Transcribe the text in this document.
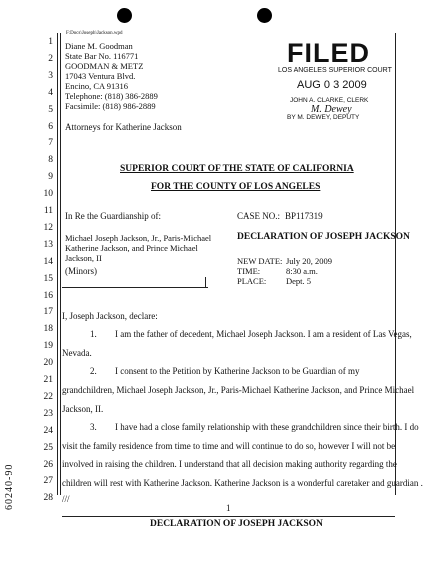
1
2
3
4
5
6
7
8
9
10
11
12
13
14
15
16
17
18
19
20
21
22
23
24
25
26
27
28
F:Docs\Joseph\Jackson.wpd
Diane M. Goodman
State Bar No. 116771
GOODMAN & METZ
17043 Ventura Blvd.
Encino, CA 91316
Telephone: (818) 386-2889
Facsimile: (818) 986-2889
Attorneys for Katherine Jackson
FILED
LOS ANGELES SUPERIOR COURT
AUG 0 3 2009
JOHN A. CLARKE, CLERK
M. Dewey
BY M. DEWEY, DEPUTY
SUPERIOR COURT OF THE STATE OF CALIFORNIA
FOR THE COUNTY OF LOS ANGELES
In Re the Guardianship of:
Michael Joseph Jackson, Jr., Paris-Michael
Katherine Jackson, and Prince Michael
Jackson, II
(Minors)
CASE NO.: BP117319
DECLARATION OF JOSEPH JACKSON
NEW DATE:
TIME:
PLACE:
July 20, 2009
8:30 a.m.
Dept. 5
I, Joseph Jackson, declare:
1. I am the father of decedent, Michael Joseph Jackson. I am a resident of Las Vegas,
Nevada.
2. I consent to the Petition by Katherine Jackson to be Guardian of my
grandchildren, Michael Joseph Jackson, Jr., Paris-Michael Katherine Jackson, and Prince Michael
Jackson, II.
3. I have had a close family relationship with these grandchildren since their birth. I do
visit the family residence from time to time and will continue to do so, however I will not be
involved in raising the children. I understand that all decision making authority regarding the
children will rest with Katherine Jackson. Katherine Jackson is a wonderful caretaker and guardian .
///
1
DECLARATION OF JOSEPH JACKSON
60240-90
